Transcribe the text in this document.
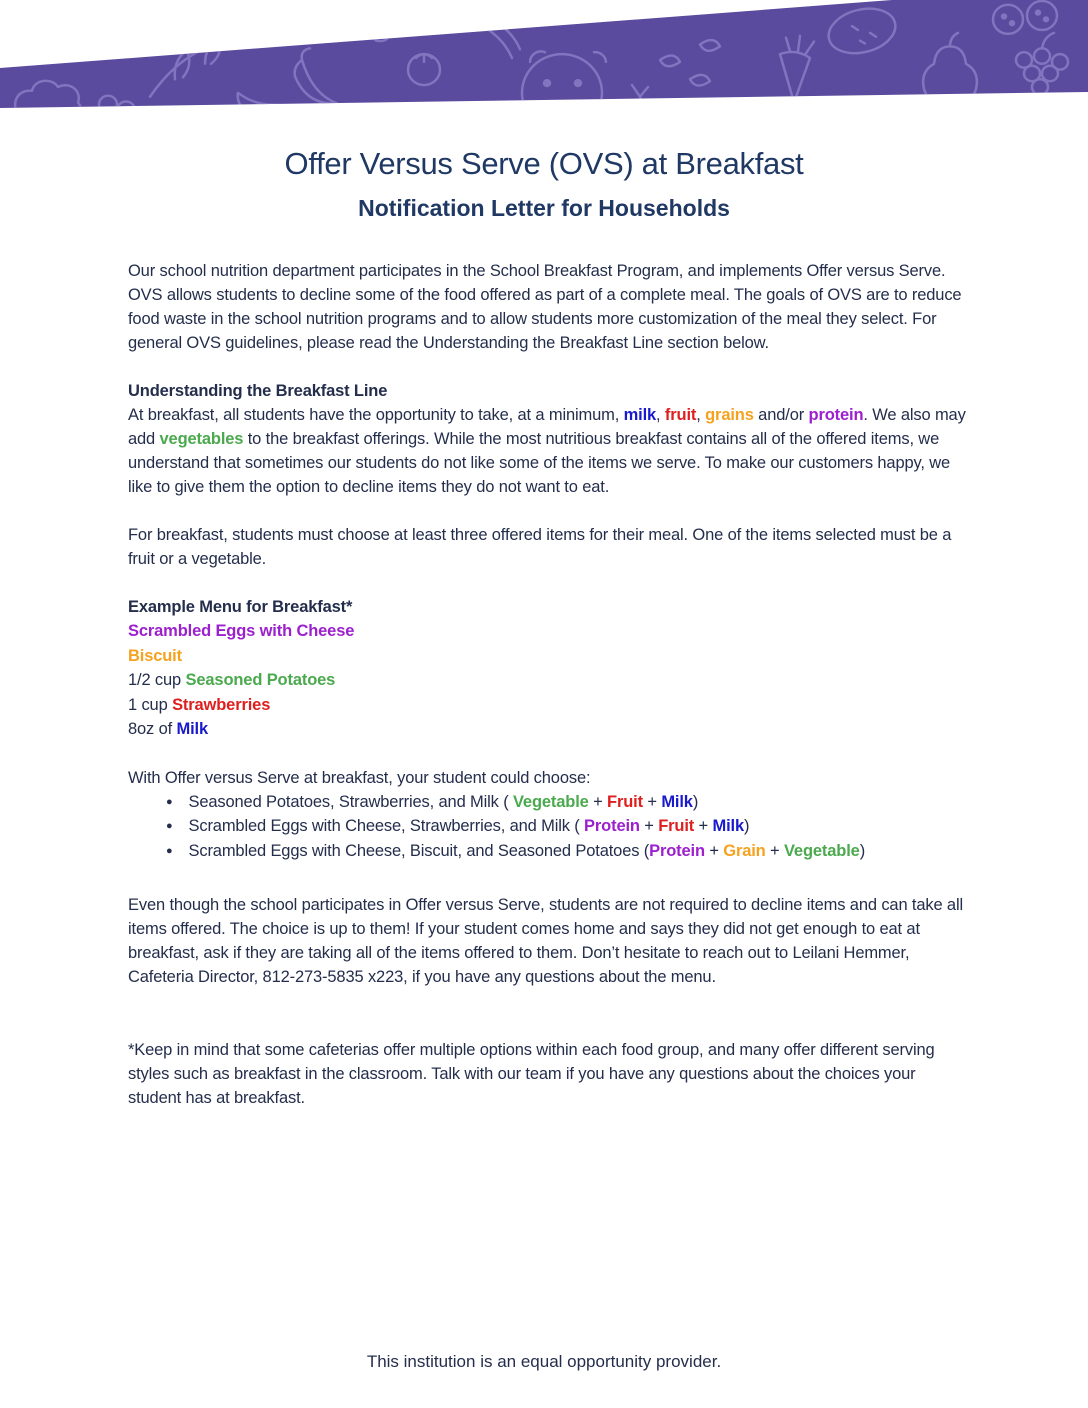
Offer Versus Serve (OVS) at Breakfast
Notification Letter for Households

Our school nutrition department participates in the School Breakfast Program, and implements Offer versus Serve. OVS allows students to decline some of the food offered as part of a complete meal. The goals of OVS are to reduce food waste in the school nutrition programs and to allow students more customization of the meal they select. For general OVS guidelines, please read the Understanding the Breakfast Line section below.

Understanding the Breakfast Line

At breakfast, all students have the opportunity to take, at a minimum, milk, fruit, grains and/or protein. We also may add vegetables to the breakfast offerings. While the most nutritious breakfast contains all of the offered items, we understand that sometimes our students do not like some of the items we serve. To make our customers happy, we like to give them the option to decline items they do not want to eat.

For breakfast, students must choose at least three offered items for their meal. One of the items selected must be a fruit or a vegetable.

Example Menu for Breakfast*
Scrambled Eggs with Cheese
Biscuit
1/2 cup Seasoned Potatoes
1 cup Strawberries
8oz of Milk

With Offer versus Serve at breakfast, your student could choose:

● Seasoned Potatoes, Strawberries, and Milk ( Vegetable + Fruit + Milk)
● Scrambled Eggs with Cheese, Strawberries, and Milk ( Protein + Fruit + Milk)
● Scrambled Eggs with Cheese, Biscuit, and Seasoned Potatoes (Protein + Grain + Vegetable)

Even though the school participates in Offer versus Serve, students are not required to decline items and can take all items offered. The choice is up to them! If your student comes home and says they did not get enough to eat at breakfast, ask if they are taking all of the items offered to them. Don’t hesitate to reach out to Leilani Hemmer, Cafeteria Director, 812-273-5835 x223, if you have any questions about the menu.

*Keep in mind that some cafeterias offer multiple options within each food group, and many offer different serving styles such as breakfast in the classroom. Talk with our team if you have any questions about the choices your student has at breakfast.

This institution is an equal opportunity provider.
